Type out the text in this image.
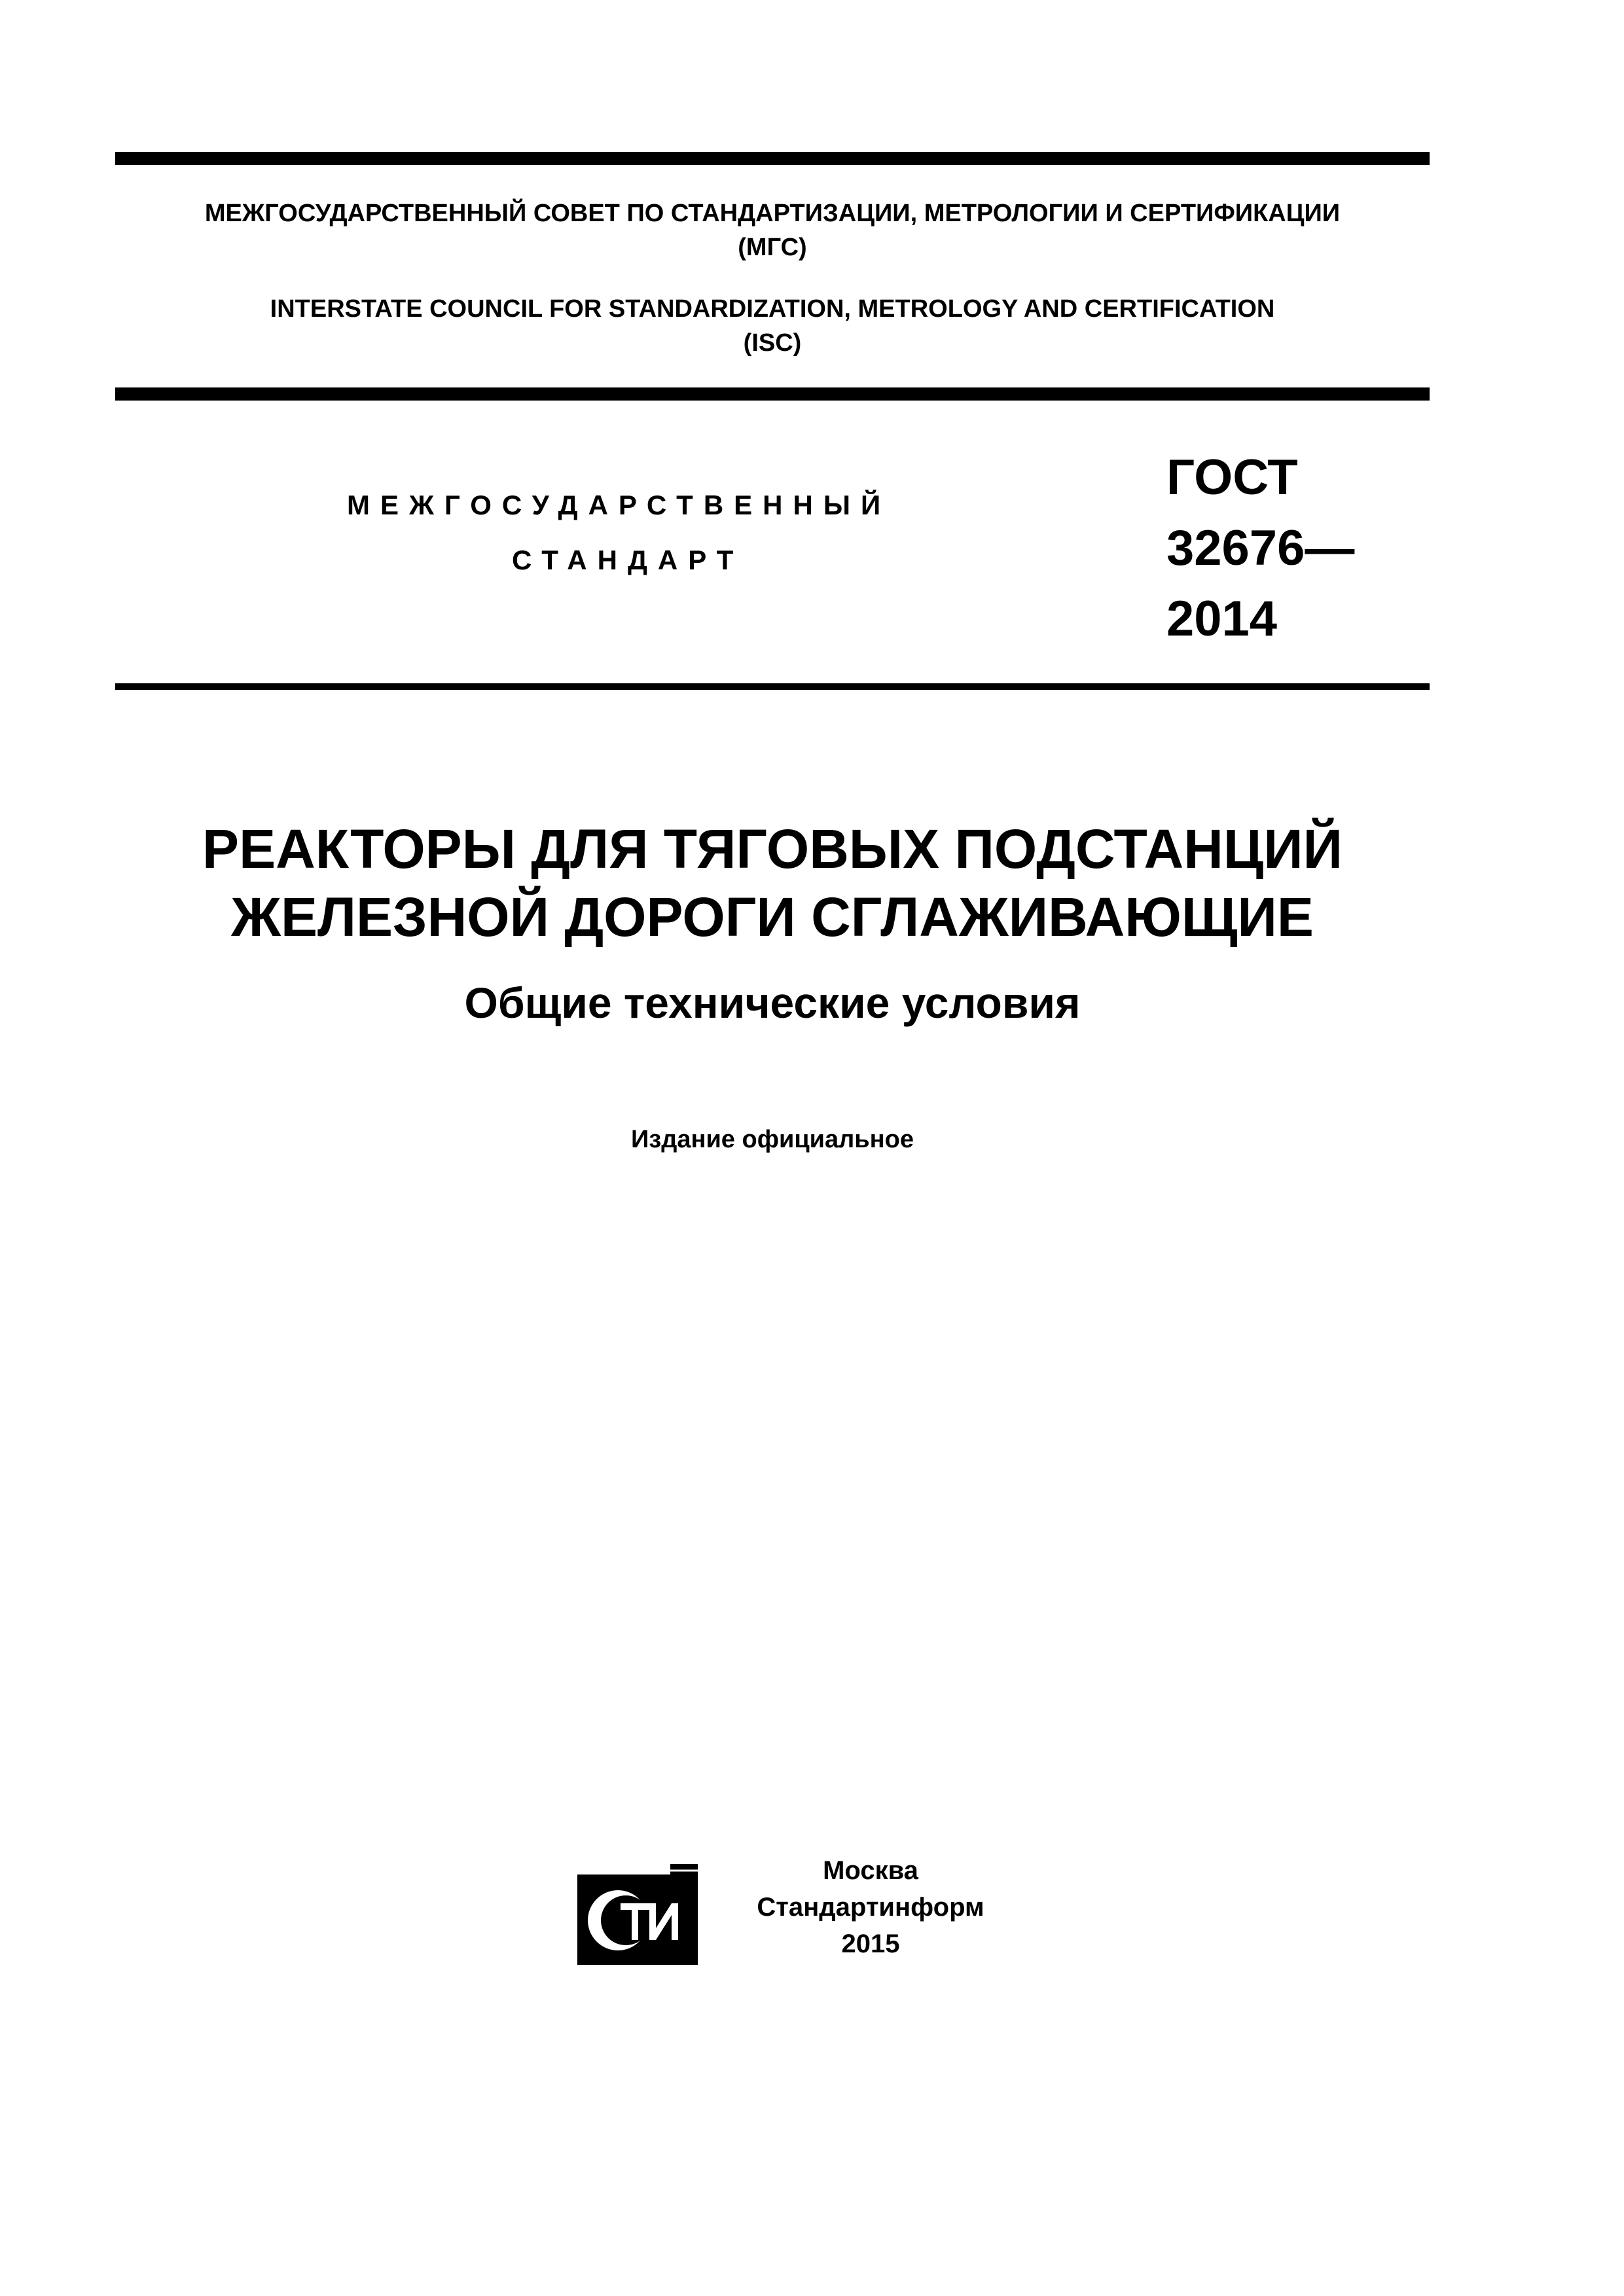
МЕЖГОСУДАРСТВЕННЫЙ СОВЕТ ПО СТАНДАРТИЗАЦИИ, МЕТРОЛОГИИ И СЕРТИФИКАЦИИ
(МГС)
INTERSTATE COUNCIL FOR STANDARDIZATION, METROLOGY AND CERTIFICATION
(ISC)
МЕЖГОСУДАРСТВЕННЫЙ
СТАНДАРТ
ГОСТ
32676—
2014
РЕАКТОРЫ ДЛЯ ТЯГОВЫХ ПОДСТАНЦИЙ
ЖЕЛЕЗНОЙ ДОРОГИ СГЛАЖИВАЮЩИЕ
Общие технические условия
Издание официальное
Москва
Стандартинформ
2015
